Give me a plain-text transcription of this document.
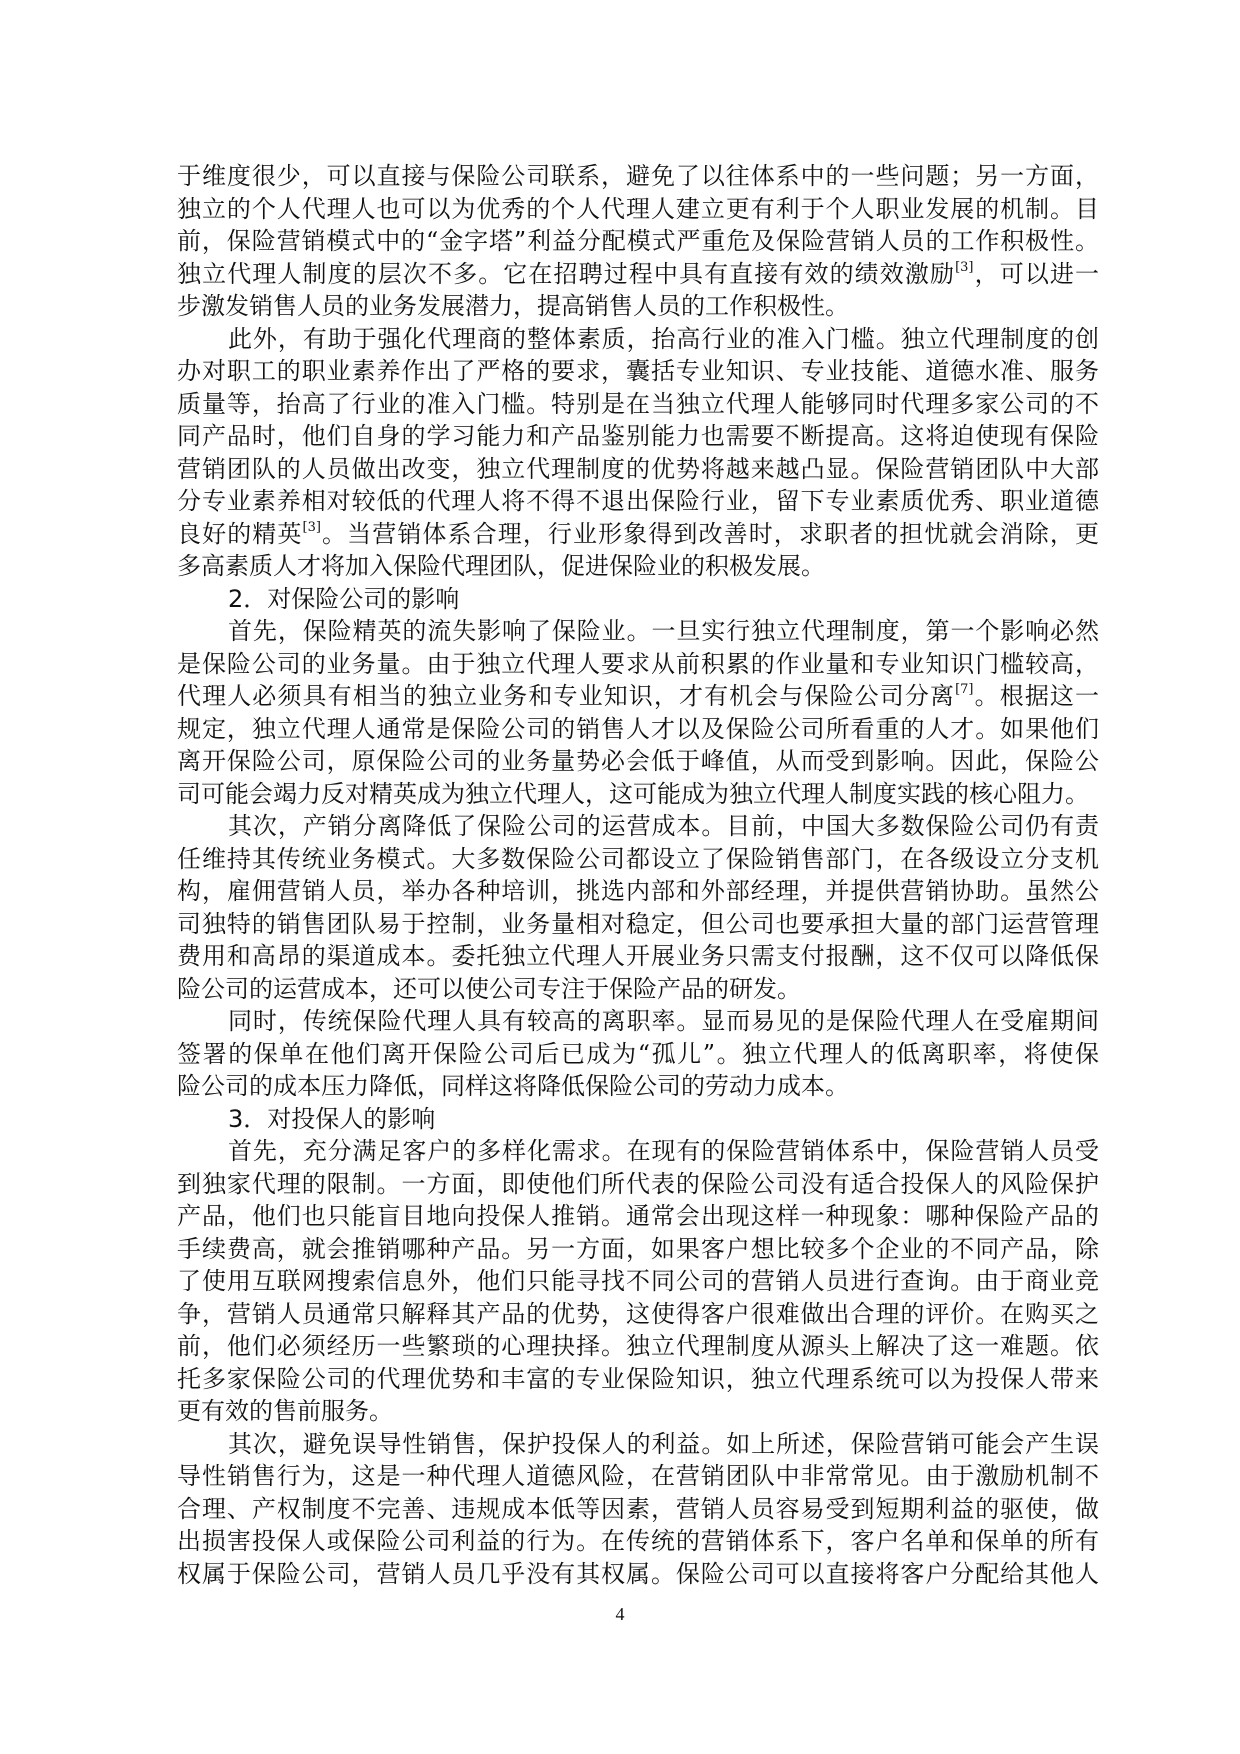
于维度很少，可以直接与保险公司联系，避免了以往体系中的一些问题；另一方面，
独立的个人代理人也可以为优秀的个人代理人建立更有利于个人职业发展的机制。目
前，保险营销模式中的“金字塔”利益分配模式严重危及保险营销人员的工作积极性。
独立代理人制度的层次不多。它在招聘过程中具有直接有效的绩效激励[3]，可以进一
步激发销售人员的业务发展潜力，提高销售人员的工作积极性。
此外，有助于强化代理商的整体素质，抬高行业的准入门槛。独立代理制度的创
办对职工的职业素养作出了严格的要求，囊括专业知识、专业技能、道德水准、服务
质量等，抬高了行业的准入门槛。特别是在当独立代理人能够同时代理多家公司的不
同产品时，他们自身的学习能力和产品鉴别能力也需要不断提高。这将迫使现有保险
营销团队的人员做出改变，独立代理制度的优势将越来越凸显。保险营销团队中大部
分专业素养相对较低的代理人将不得不退出保险行业，留下专业素质优秀、职业道德
良好的精英[3]。当营销体系合理，行业形象得到改善时，求职者的担忧就会消除，更
多高素质人才将加入保险代理团队，促进保险业的积极发展。
2．对保险公司的影响
首先，保险精英的流失影响了保险业。一旦实行独立代理制度，第一个影响必然
是保险公司的业务量。由于独立代理人要求从前积累的作业量和专业知识门槛较高，
代理人必须具有相当的独立业务和专业知识，才有机会与保险公司分离[7]。根据这一
规定，独立代理人通常是保险公司的销售人才以及保险公司所看重的人才。如果他们
离开保险公司，原保险公司的业务量势必会低于峰值，从而受到影响。因此，保险公
司可能会竭力反对精英成为独立代理人，这可能成为独立代理人制度实践的核心阻力。
其次，产销分离降低了保险公司的运营成本。目前，中国大多数保险公司仍有责
任维持其传统业务模式。大多数保险公司都设立了保险销售部门，在各级设立分支机
构，雇佣营销人员，举办各种培训，挑选内部和外部经理，并提供营销协助。虽然公
司独特的销售团队易于控制，业务量相对稳定，但公司也要承担大量的部门运营管理
费用和高昂的渠道成本。委托独立代理人开展业务只需支付报酬，这不仅可以降低保
险公司的运营成本，还可以使公司专注于保险产品的研发。
同时，传统保险代理人具有较高的离职率。显而易见的是保险代理人在受雇期间
签署的保单在他们离开保险公司后已成为“孤儿”。独立代理人的低离职率，将使保
险公司的成本压力降低，同样这将降低保险公司的劳动力成本。
3．对投保人的影响
首先，充分满足客户的多样化需求。在现有的保险营销体系中，保险营销人员受
到独家代理的限制。一方面，即使他们所代表的保险公司没有适合投保人的风险保护
产品，他们也只能盲目地向投保人推销。通常会出现这样一种现象：哪种保险产品的
手续费高，就会推销哪种产品。另一方面，如果客户想比较多个企业的不同产品，除
了使用互联网搜索信息外，他们只能寻找不同公司的营销人员进行查询。由于商业竞
争，营销人员通常只解释其产品的优势，这使得客户很难做出合理的评价。在购买之
前，他们必须经历一些繁琐的心理抉择。独立代理制度从源头上解决了这一难题。依
托多家保险公司的代理优势和丰富的专业保险知识，独立代理系统可以为投保人带来
更有效的售前服务。
其次，避免误导性销售，保护投保人的利益。如上所述，保险营销可能会产生误
导性销售行为，这是一种代理人道德风险，在营销团队中非常常见。由于激励机制不
合理、产权制度不完善、违规成本低等因素，营销人员容易受到短期利益的驱使，做
出损害投保人或保险公司利益的行为。在传统的营销体系下，客户名单和保单的所有
权属于保险公司，营销人员几乎没有其权属。保险公司可以直接将客户分配给其他人
4
